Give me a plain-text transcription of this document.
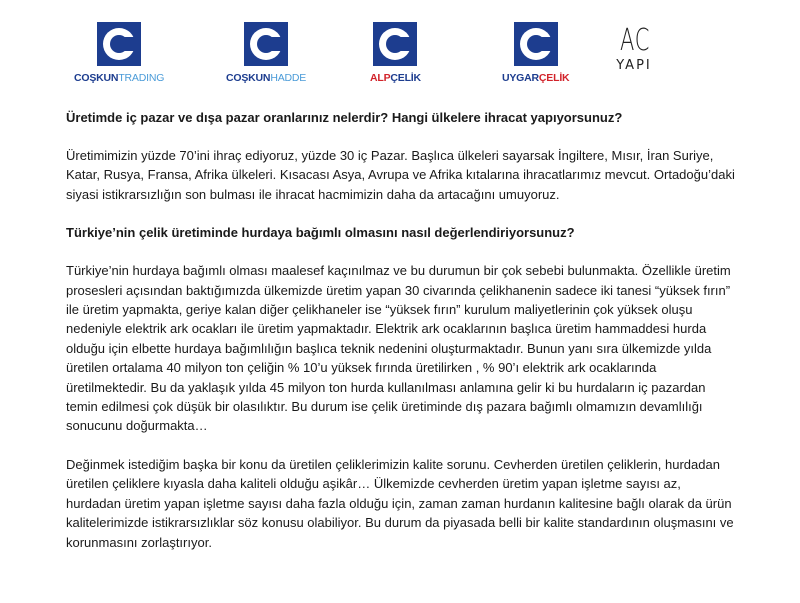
COŞKUNTRADING	COŞKUNHADDE	ALPÇELİK	UYGARÇELİK
AC
YAPI
Üretimde iç pazar ve dışa pazar oranlarınız nelerdir? Hangi ülkelere ihracat yapıyorsunuz?

Üretimimizin yüzde 70’ini ihraç ediyoruz, yüzde 30 iç Pazar. Başlıca ülkeleri sayarsak İngiltere, Mısır, İran Suriye, Katar, Rusya, Fransa, Afrika ülkeleri. Kısacası Asya, Avrupa ve Afrika kıtalarına ihracatlarımız mevcut. Ortadoğu’daki siyasi istikrarsızlığın son bulması ile ihracat hacmimizin daha da artacağını umuyoruz.

Türkiye’nin çelik üretiminde hurdaya bağımlı olmasını nasıl değerlendiriyorsunuz?

Türkiye’nin hurdaya bağımlı olması maalesef kaçınılmaz ve bu durumun bir çok sebebi bulunmakta. Özellikle üretim prosesleri açısından baktığımızda ülkemizde üretim yapan 30 civarında çelikhanenin sadece iki tanesi “yüksek fırın” ile üretim yapmakta, geriye kalan diğer çelikhaneler ise “yüksek fırın” kurulum maliyetlerinin çok yüksek oluşu nedeniyle elektrik ark ocakları ile üretim yapmaktadır. Elektrik ark ocaklarının başlıca üretim hammaddesi hurda olduğu için elbette hurdaya bağımlılığın başlıca teknik nedenini oluşturmaktadır. Bunun yanı sıra ülkemizde yılda üretilen ortalama 40 milyon ton çeliğin % 10’u yüksek fırında üretilirken , % 90’ı elektrik ark ocaklarında üretilmektedir. Bu da yaklaşık yılda 45 milyon ton hurda kullanılması anlamına gelir ki bu hurdaların iç pazardan temin edilmesi çok düşük bir olasılıktır. Bu durum ise çelik üretiminde dış pazara bağımlı olmamızın devamlılığı sonucunu doğurmakta…

Değinmek istediğim başka bir konu da üretilen çeliklerimizin kalite sorunu. Cevherden üretilen çeliklerin, hurdadan üretilen çeliklere kıyasla daha kaliteli olduğu aşikâr… Ülkemizde cevherden üretim yapan işletme sayısı az, hurdadan üretim yapan işletme sayısı daha fazla olduğu için, zaman zaman hurdanın kalitesine bağlı olarak da ürün kalitelerimizde istikrarsızlıklar söz konusu olabiliyor. Bu durum da piyasada belli bir kalite standardının oluşmasını ve korunmasını zorlaştırıyor.
